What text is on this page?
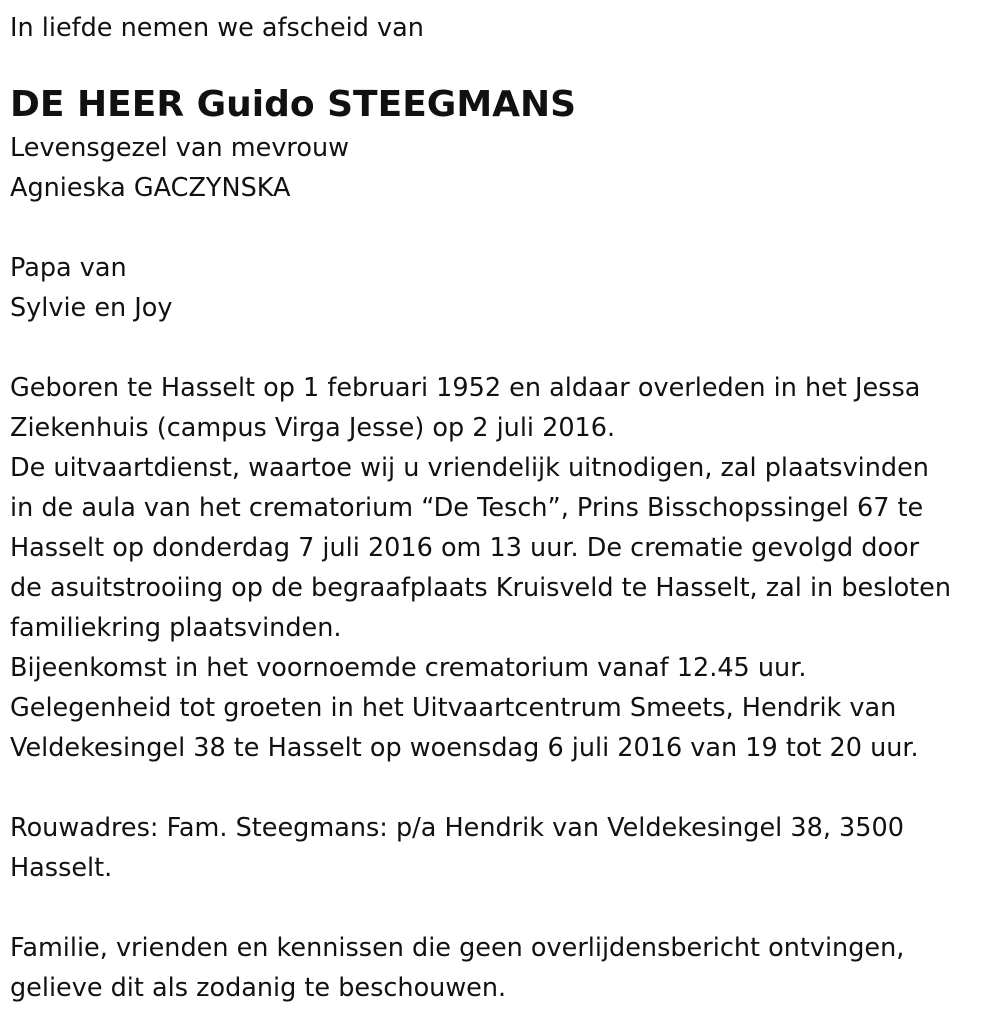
In liefde nemen we afscheid van

DE HEER Guido STEEGMANS

Levensgezel van mevrouw

Agnieska GACZYNSKA

Papa van

Sylvie en Joy

Geboren te Hasselt op 1 februari 1952 en aldaar overleden in het Jessa

Ziekenhuis (campus Virga Jesse) op 2 juli 2016.

De uitvaartdienst, waartoe wij u vriendelijk uitnodigen, zal plaatsvinden

in de aula van het crematorium “De Tesch”, Prins Bisschopssingel 67 te

Hasselt op donderdag 7 juli 2016 om 13 uur. De crematie gevolgd door

de asuitstrooiing op de begraafplaats Kruisveld te Hasselt, zal in besloten

familiekring plaatsvinden.

Bijeenkomst in het voornoemde crematorium vanaf 12.45 uur.

Gelegenheid tot groeten in het Uitvaartcentrum Smeets, Hendrik van

Veldekesingel 38 te Hasselt op woensdag 6 juli 2016 van 19 tot 20 uur.

Rouwadres: Fam. Steegmans: p/a Hendrik van Veldekesingel 38, 3500

Hasselt.

Familie, vrienden en kennissen die geen overlijdensbericht ontvingen,

gelieve dit als zodanig te beschouwen.
